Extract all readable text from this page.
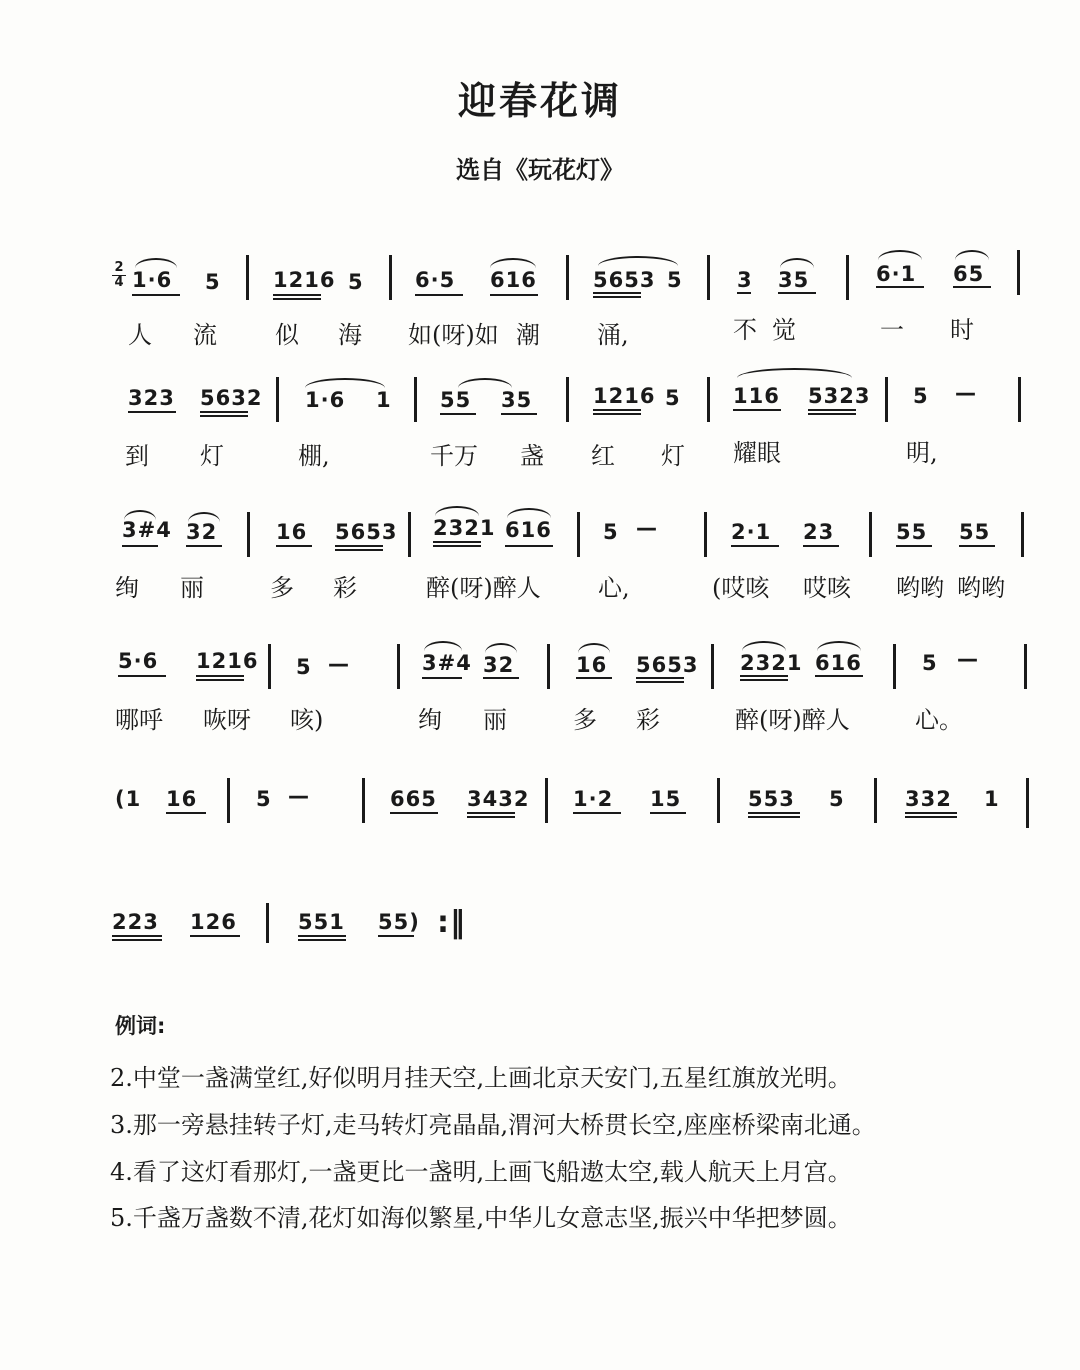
迎春花调
选自《玩花灯》
2
4 1·6 5 1216 5 6·5 616	5653 5	3 35	6·1 65
人 流 似 海 如(呀)如 潮 涌,	不 觉	一 时
323 5632 1·6 1 55 35	1216 5 116 5323 5 —
到 灯	棚,	千万 盏 红 灯 耀眼	明,
3#4 32	16 5653 2321 616 5 —	2·1 23	55 55
绚 丽	多 彩	醉(呀)醉人 心,	(哎咳 哎咳 哟哟 哟哟
5·6 1216 5 —	3#4 32	16 5653 2321 616	5 —
哪呼 咴呀 咳)	绚 丽	多 彩	醉(呀)醉人	心。
(1 16	5 —	665 3432 1·2 15	553 5	332 1
223 126	551 55) :‖
例词:
2.中堂一盏满堂红,好似明月挂天空,上画北京天安门,五星红旗放光明。
3.那一旁悬挂转子灯,走马转灯亮晶晶,渭河大桥贯长空,座座桥梁南北通。
4.看了这灯看那灯,一盏更比一盏明,上画飞船遨太空,载人航天上月宫。
5.千盏万盏数不清,花灯如海似繁星,中华儿女意志坚,振兴中华把梦圆。
